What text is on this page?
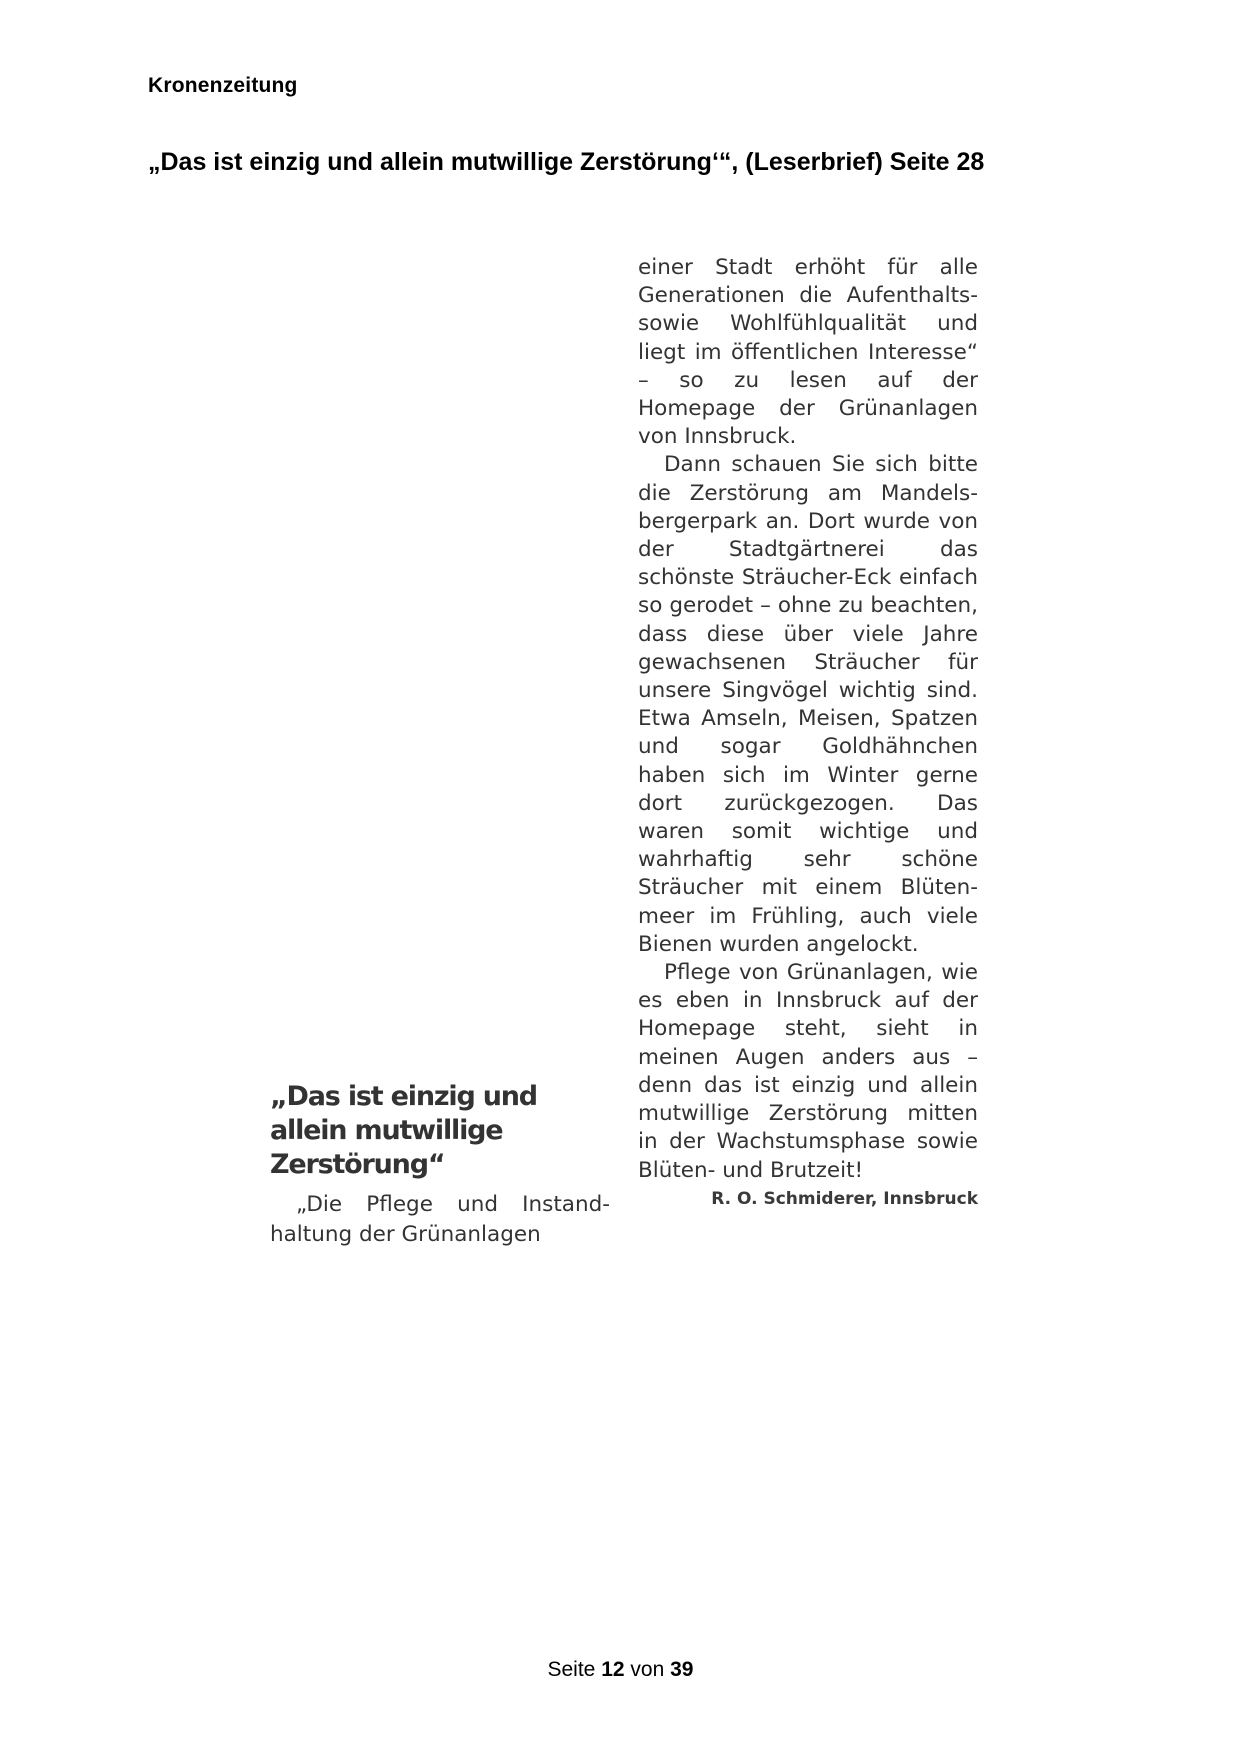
Kronenzeitung
„Das ist einzig und allein mutwillige Zerstörung‘“, (Leserbrief) Seite 28
„Das ist einzig und allein mutwillige Zerstörung“

„Die Pflege und Instandhaltung der Grünanlagen

einer Stadt erhöht für alle Generationen die Aufenthalts- sowie Wohlfühlqualität und liegt im öffentlichen Interesse“ – so zu lesen auf der Homepage der Grünanlagen von Innsbruck.

Dann schauen Sie sich bitte die Zerstörung am Mandelsbergerpark an. Dort wurde von der Stadtgärtnerei das schönste Sträucher-Eck einfach so gerodet – ohne zu beachten, dass diese über viele Jahre gewachsenen Sträucher für unsere Singvögel wichtig sind. Etwa Amseln, Meisen, Spatzen und sogar Goldhähnchen haben sich im Winter gerne dort zurückgezogen. Das waren somit wichtige und wahrhaftig sehr schöne Sträucher mit einem Blütenmeer im Frühling, auch viele Bienen wurden angelockt.

Pflege von Grünanlagen, wie es eben in Innsbruck auf der Homepage steht, sieht in meinen Augen anders aus – denn das ist einzig und allein mutwillige Zerstörung mitten in der Wachstumsphase sowie Blüten- und Brutzeit!

R. O. Schmiderer, Innsbruck
Seite 12 von 39
